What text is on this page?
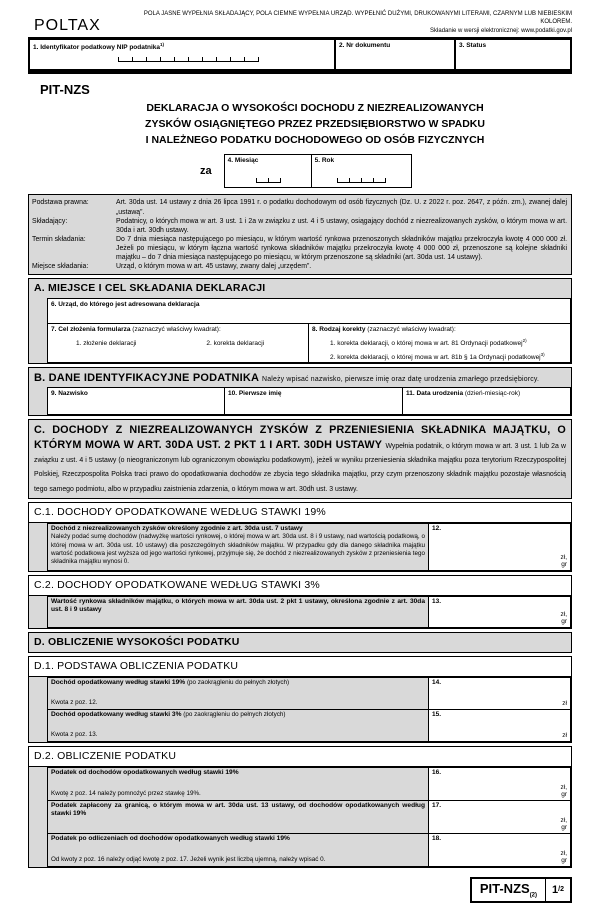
POLTAX
POLA JASNE WYPEŁNIA SKŁADAJĄCY, POLA CIEMNE WYPEŁNIA URZĄD. WYPEŁNIĆ DUŻYMI, DRUKOWANYMI LITERAMI, CZARNYM LUB NIEBIESKIM KOLOREM.
Składanie w wersji elektronicznej: www.podatki.gov.pl
1. Identyfikator podatkowy NIP podatnika$^{1)}$	2. Nr dokumentu	3. Status
PIT-NZS
DEKLARACJA O WYSOKOŚCI DOCHODU Z NIEZREALIZOWANYCH
ZYSKÓW OSIĄGNIĘTEGO PRZEZ PRZEDSIĘBIORSTWO W SPADKU
I NALEŻNEGO PODATKU DOCHODOWEGO OD OSÓB FIZYCZNYCH
za
4. Miesiąc	5. Rok
Podstawa prawna:	Art. 30da ust. 14 ustawy z dnia 26 lipca 1991 r. o podatku dochodowym od osób fizycznych (Dz. U. z 2022 r. poz. 2647, z późn. zm.), zwanej dalej „ustawą”.
Składający:	Podatnicy, o których mowa w art. 3 ust. 1 i 2a w związku z ust. 4 i 5 ustawy, osiągający dochód z niezrealizowanych zysków, o którym mowa w art. 30da i art. 30dh ustawy.
Termin składania:	Do 7 dnia miesiąca następującego po miesiącu, w którym wartość rynkowa przenoszonych składników majątku przekroczyła kwotę 4 000 000 zł. Jeżeli po miesiącu, w którym łączna wartość rynkowa składników majątku przekroczyła kwotę 4 000 000 zł, przenoszone są kolejne składniki majątku – do 7 dnia miesiąca następującego po miesiącu, w którym przenoszone są składniki (art. 30da ust. 14 ustawy).
Miejsce składania:	Urząd, o którym mowa w art. 45 ustawy, zwany dalej „urzędem”.
A. MIEJSCE I CEL SKŁADANIA DEKLARACJI
6. Urząd, do którego jest adresowana deklaracja
7. Cel złożenia formularza (zaznaczyć właściwy kwadrat):
1. złożenie deklaracji	2. korekta deklaracji
8. Rodzaj korekty (zaznaczyć właściwy kwadrat):
1. korekta deklaracji, o której mowa w art. 81 Ordynacji podatkowej$^{2)}$
2. korekta deklaracji, o której mowa w art. 81b § 1a Ordynacji podatkowej$^{3)}$
B. DANE IDENTYFIKACYJNE PODATNIKA Należy wpisać nazwisko, pierwsze imię oraz datę urodzenia zmarłego przedsiębiorcy.
9. Nazwisko	10. Pierwsze imię	11. Data urodzenia (dzień-miesiąc-rok)
C. DOCHODY Z NIEZREALIZOWANYCH ZYSKÓW Z PRZENIESIENIA SKŁADNIKA MAJĄTKU, O KTÓRYM MOWA W ART. 30DA UST. 2 PKT 1 I ART. 30DH USTAWY Wypełnia podatnik, o którym mowa w art. 3 ust. 1 lub 2a w związku z ust. 4 i 5 ustawy (o nieograniczonym lub ograniczonym obowiązku podatkowym), jeżeli w wyniku przeniesienia składnika majątku poza terytorium Rzeczypospolitej Polskiej, Rzeczpospolita Polska traci prawo do opodatkowania dochodów ze zbycia tego składnika majątku, przy czym przenoszony składnik majątku pozostaje własnością tego samego podmiotu, albo w przypadku zaistnienia zdarzenia, o którym mowa w art. 30dh ust. 3 ustawy.
C.1. DOCHODY OPODATKOWANE WEDŁUG STAWKI 19%
Dochód z niezrealizowanych zysków określony zgodnie z art. 30da ust. 7 ustawy
Należy podać sumę dochodów (nadwyżkę wartości rynkowej, o której mowa w art. 30da ust. 8 i 9 ustawy, nad wartością podatkową, o której mowa w art. 30da ust. 10 ustawy) dla poszczególnych składników majątku. W przypadku gdy dla danego składnika majątku wartość podatkowa jest wyższa od jego wartości rynkowej, przyjmuje się, że dochód z niezrealizowanych zysków z przeniesienia tego składnika majątku wynosi 0.
12.
zł,
gr
C.2. DOCHODY OPODATKOWANE WEDŁUG STAWKI 3%
Wartość rynkowa składników majątku, o których mowa w art. 30da ust. 2 pkt 1 ustawy, określona zgodnie z art. 30da ust. 8 i 9 ustawy
13.
zł,
gr
D. OBLICZENIE WYSOKOŚCI PODATKU
D.1. PODSTAWA OBLICZENIA PODATKU
Dochód opodatkowany według stawki 19% (po zaokrągleniu do pełnych złotych)
Kwota z poz. 12.
14.
zł
Dochód opodatkowany według stawki 3% (po zaokrągleniu do pełnych złotych)
Kwota z poz. 13.
15.
zł
D.2. OBLICZENIE PODATKU
Podatek od dochodów opodatkowanych według stawki 19%
Kwotę z poz. 14 należy pomnożyć przez stawkę 19%.
16.
zł,
gr
Podatek zapłacony za granicą, o którym mowa w art. 30da ust. 13 ustawy, od dochodów opodatkowanych według stawki 19%
17.
zł,
gr
Podatek po odliczeniach od dochodów opodatkowanych według stawki 19%
Od kwoty z poz. 16 należy odjąć kwotę z poz. 17. Jeżeli wynik jest liczbą ujemną, należy wpisać 0.
18.
zł,
gr
PIT-$NZS_{(2)}$	1 /2
